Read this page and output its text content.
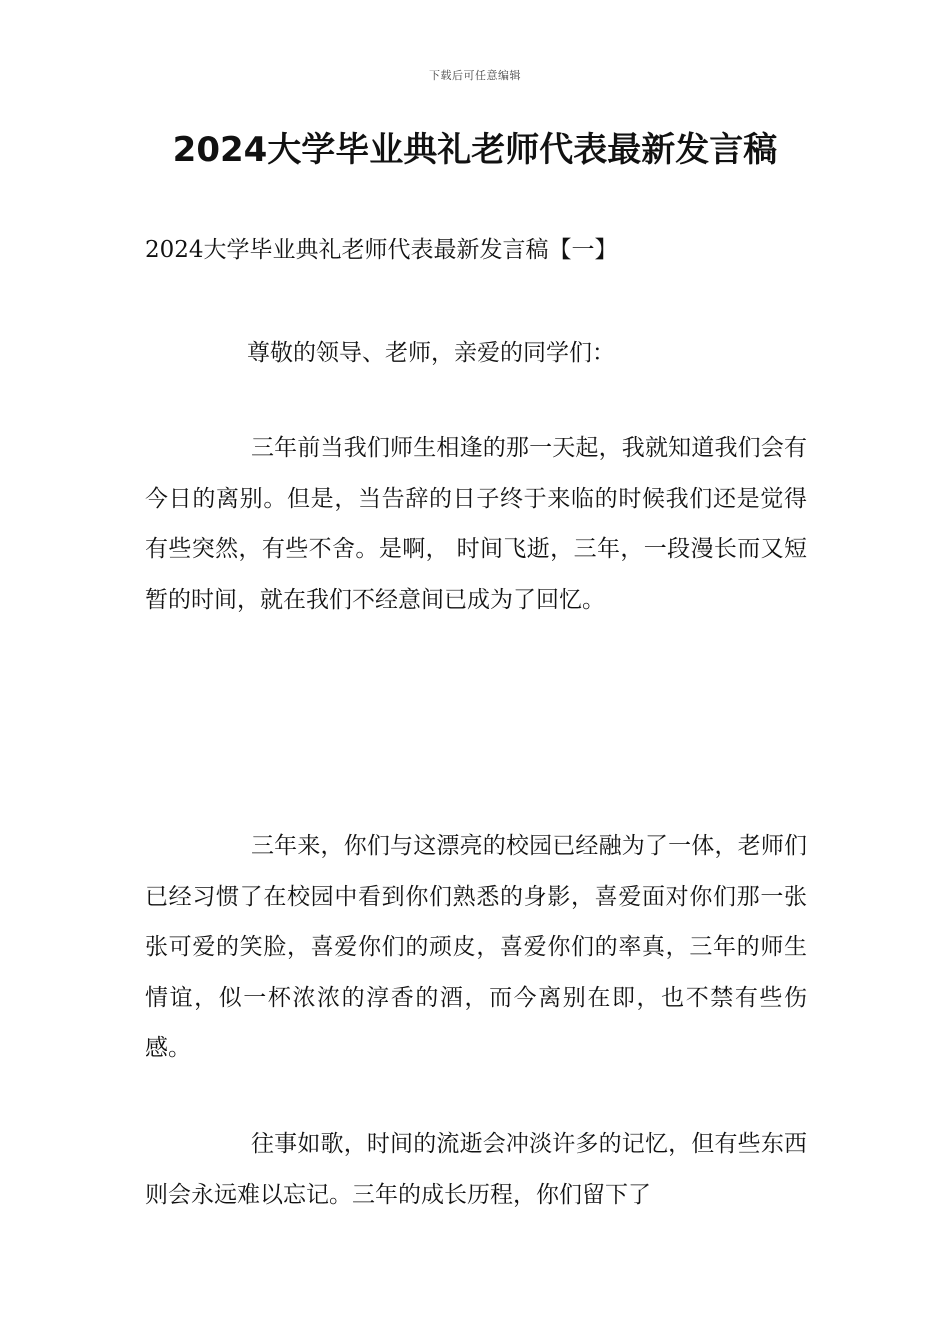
下载后可任意编辑
2024大学毕业典礼老师代表最新发言稿
2024大学毕业典礼老师代表最新发言稿【一】

尊敬的领导、老师，亲爱的同学们：

三年前当我们师生相逢的那一天起，我就知道我们会有今日的离别。但是，当告辞的日子终于来临的时候我们还是觉得有些突然，有些不舍。是啊， 时间飞逝，三年，一段漫长而又短暂的时间，就在我们不经意间已成为了回忆。

三年来，你们与这漂亮的校园已经融为了一体，老师们已经习惯了在校园中看到你们熟悉的身影，喜爱面对你们那一张张可爱的笑脸，喜爱你们的顽皮，喜爱你们的率真，三年的师生情谊，似一杯浓浓的淳香的酒，而今离别在即，也不禁有些伤感。

往事如歌，时间的流逝会冲淡许多的记忆，但有些东西则会永远难以忘记。三年的成长历程，你们留下了
